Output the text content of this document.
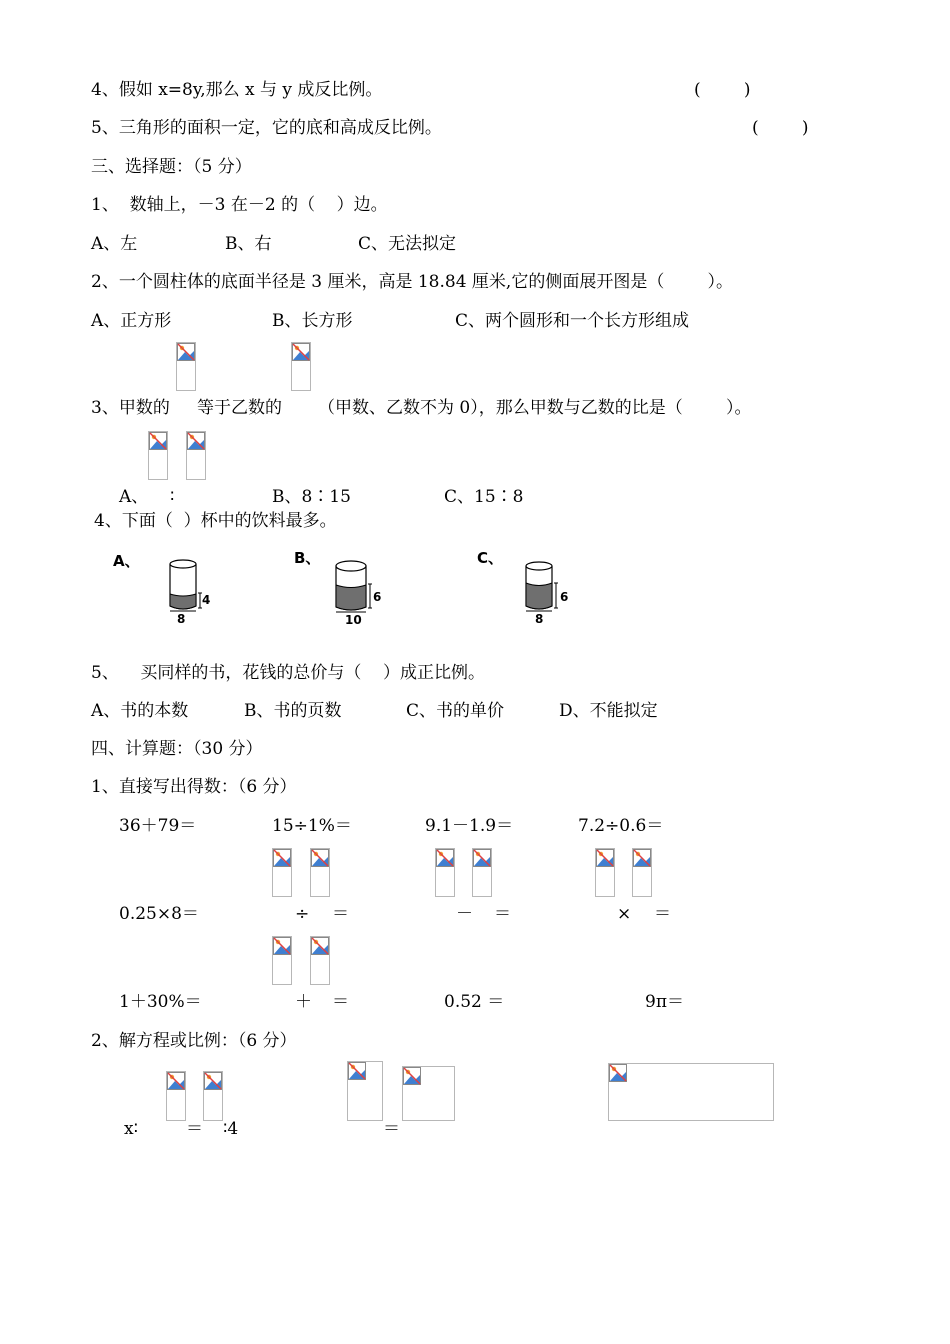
4、假如 x=8y,那么 x 与 y 成反比例。	(        )
5、三角形的面积一定，它的底和高成反比例。	(        )
三、选择题：（5 分）
1、  数轴上，－3 在－2 的（    ）边。
A、左	B、右	C、无法拟定
2、一个圆柱体的底面半径是 3 厘米，高是 18.84 厘米,它的侧面展开图是（        ）。
A、正方形	B、长方形	C、两个圆形和一个长方形组成
3、甲数的 等于乙数的 （甲数、乙数不为 0），那么甲数与乙数的比是（        ）。
A、 ∶	B、8∶15	C、15∶8
4、下面（  ）杯中的饮料最多。
A、
4
8
B、
6
10
C、
6
8
5、    买同样的书，花钱的总价与（    ）成正比例。
A、书的本数	B、书的页数	C、书的单价	D、不能拟定
四、计算题：（30 分）
1、直接写出得数：（6 分）
36＋79＝	15÷1%＝	9.1－1.9＝	7.2÷0.6＝
0.25×8＝	÷ ＝	－ ＝	× ＝
1＋30%＝	＋ ＝	0.52 ＝	9π＝
2、解方程或比例：（6 分）
x∶	＝ ∶4	＝
